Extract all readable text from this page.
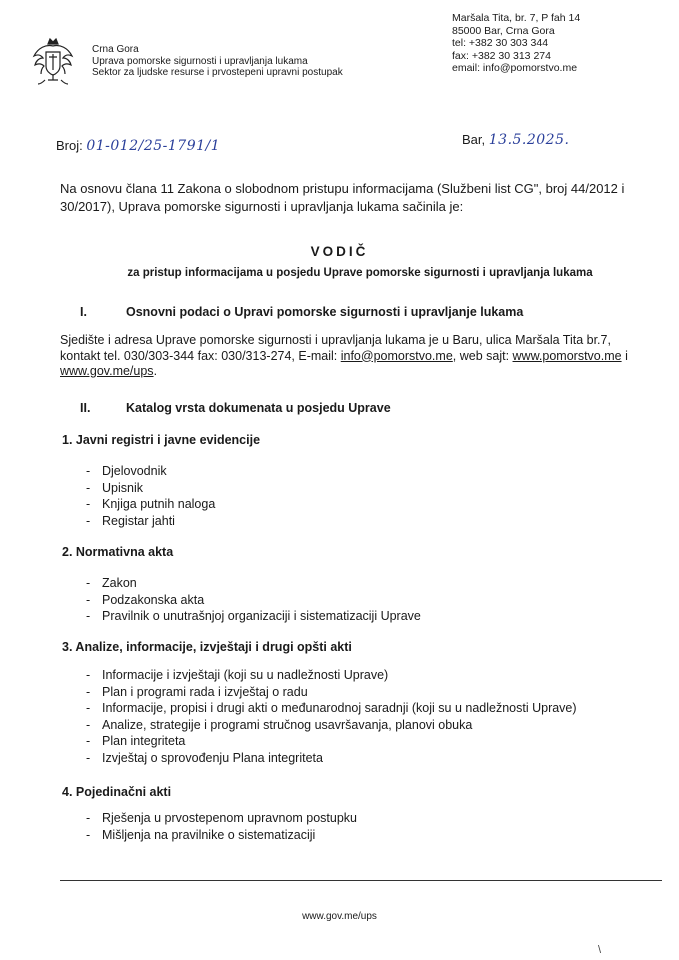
Crna Gora
Uprava pomorske sigurnosti i upravljanja lukama
Sektor za ljudske resurse i prvostepeni upravni postupak
Maršala Tita, br. 7, P fah 14
85000 Bar, Crna Gora
tel: +382 30 303 344
fax: +382 30 313 274
email: info@pomorstvo.me
Broj: 01-012/25-1791/1	Bar, 13.5.2025.
Na osnovu člana 11 Zakona o slobodnom pristupu informacijama (Službeni list CG", broj 44/2012 i 30/2017), Uprava pomorske sigurnosti i upravljanja lukama sačinila je:
VODIČ
za pristup informacijama u posjedu Uprave pomorske sigurnosti i upravljanja lukama
I.	Osnovni podaci o Upravi pomorske sigurnosti i upravljanje lukama
Sjedište i adresa Uprave pomorske sigurnosti i upravljanja lukama je u Baru, ulica Maršala Tita br.7, kontakt tel. 030/303-344 fax: 030/313-274, E-mail: info@pomorstvo.me, web sajt: www.pomorstvo.me i www.gov.me/ups.
II.	Katalog vrsta dokumenata u posjedu Uprave
1. Javni registri i javne evidencije
- Djelovodnik
- Upisnik
- Knjiga putnih naloga
- Registar jahti
2. Normativna akta
- Zakon
- Podzakonska akta
- Pravilnik o unutrašnjoj organizaciji i sistematizaciji Uprave
3. Analize, informacije, izvještaji i drugi opšti akti
- Informacije i izvještaji (koji su u nadležnosti Uprave)
- Plan i programi rada i izvještaj o radu
- Informacije, propisi i drugi akti o međunarodnoj saradnji (koji su u nadležnosti Uprave)
- Analize, strategije i programi stručnog usavršavanja, planovi obuka
- Plan integriteta
- Izvještaj o sprovođenju Plana integriteta
4. Pojedinačni akti
- Rješenja u prvostepenom upravnom postupku
- Mišljenja na pravilnike o sistematizaciji
www.gov.me/ups
\
